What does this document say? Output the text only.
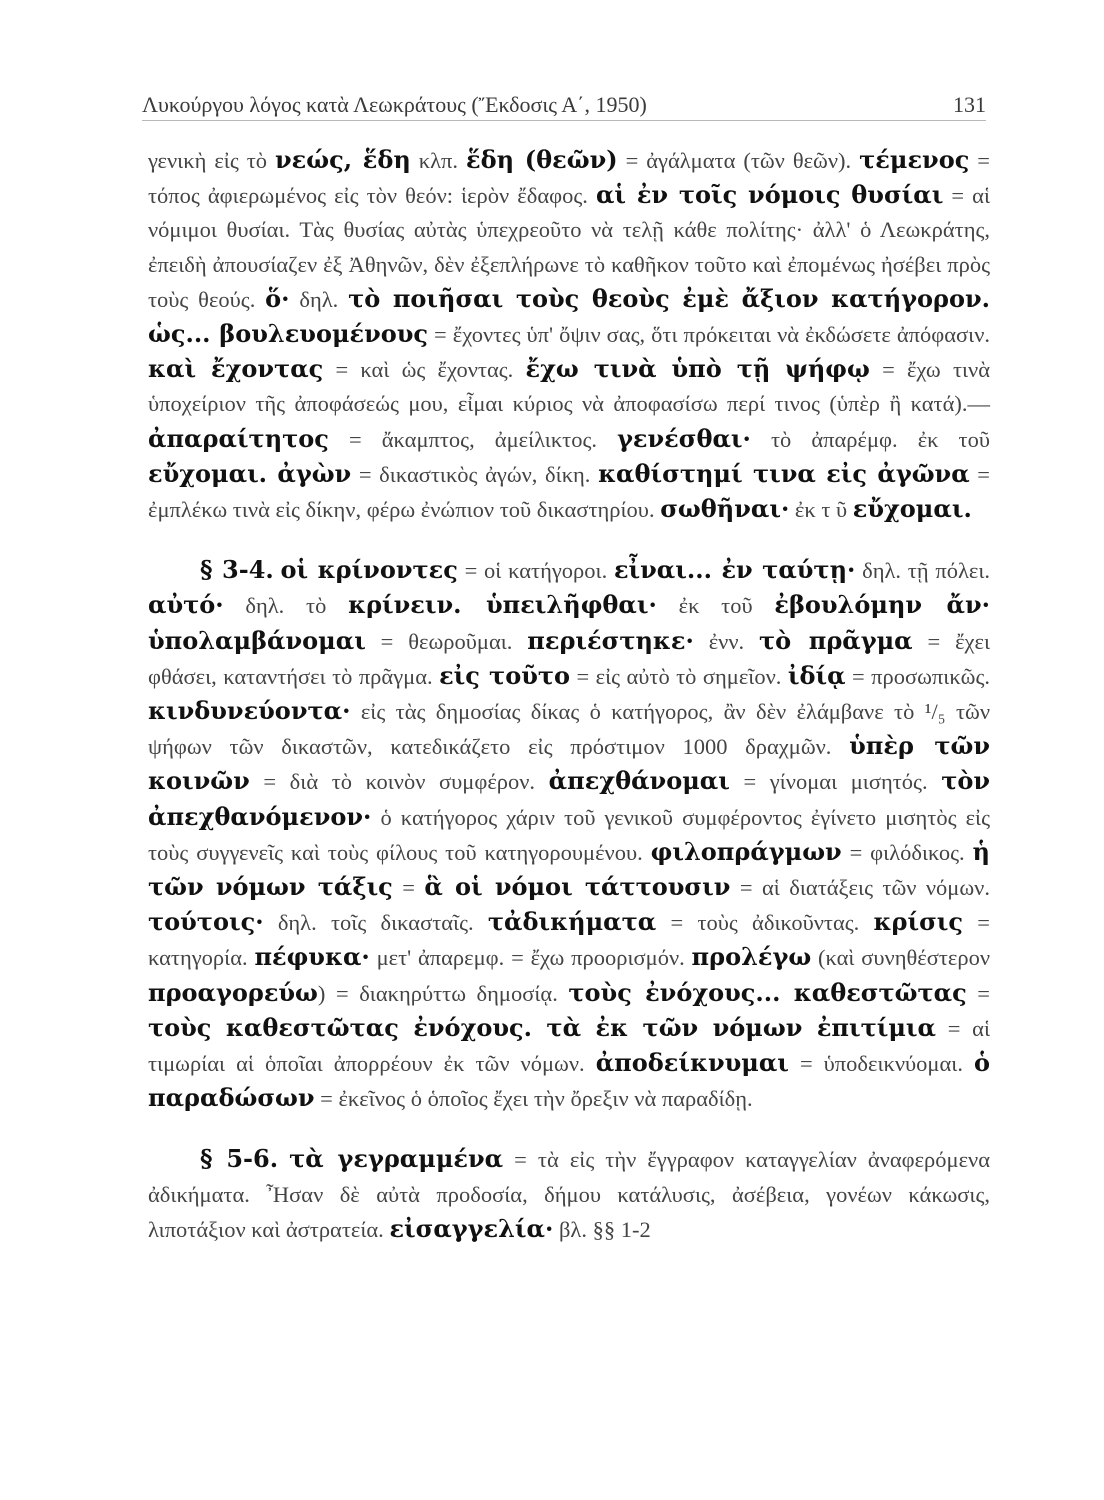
Λυκούργου λόγος κατὰ Λεωκράτους (Ἔκδοσις Α΄, 1950)	131

γενικὴ εἰς τὸ νεώς, ἕδη κλπ. ἕδη (θεῶν) = ἀγάλματα (τῶν θεῶν). τέμενος = τόπος ἀφιερωμένος εἰς τὸν θεόν: ἱερὸν ἔδαφος. αἱ ἐν τοῖς νόμοις θυσίαι = αἱ νόμιμοι θυσίαι. Τὰς θυσίας αὐτὰς ὑπεχρεοῦτο νὰ τελῇ κάθε πολίτης· ἀλλ' ὁ Λεωκράτης, ἐπειδὴ ἀπουσίαζεν ἐξ Ἀθηνῶν, δὲν ἐξεπλήρωνε τὸ καθῆκον τοῦτο καὶ ἐπομένως ἠσέβει πρὸς τοὺς θεούς. ὅ· δηλ. τὸ ποιῆσαι τοὺς θεοὺς ἐμὲ ἄξιον κατήγορον. ὡς... βουλευομένους = ἔχοντες ὑπ' ὄψιν σας, ὅτι πρόκειται νὰ ἐκδώσετε ἀπόφασιν. καὶ ἔχοντας = καὶ ὡς ἔχοντας. ἔχω τινὰ ὑπὸ τῇ ψήφῳ = ἔχω τινὰ ὑποχείριον τῆς ἀποφάσεώς μου, εἶμαι κύριος νὰ ἀποφασίσω περί τινος (ὑπὲρ ἢ κατά).—ἀπαραίτητος = ἄκαμπτος, ἀμείλικτος. γενέσθαι· τὸ ἀπαρέμφ. ἐκ τοῦ εὔχομαι. ἀγὼν = δικαστικὸς ἀγών, δίκη. καθίστημί τινα εἰς ἀγῶνα = ἐμπλέκω τινὰ εἰς δίκην, φέρω ἐνώπιον τοῦ δικαστηρίου. σωθῆναι· ἐκ τ ῦ εὔχομαι.

§ 3-4. οἱ κρίνοντες = οἱ κατήγοροι. εἶναι... ἐν ταύτῃ· δηλ. τῇ πόλει. αὐτό· δηλ. τὸ κρίνειν. ὑπειλῆφθαι· ἐκ τοῦ ἐβουλόμην ἄν· ὑπολαμβάνομαι = θεωροῦμαι. περιέστηκε· ἐνν. τὸ πρᾶγμα = ἔχει φθάσει, καταντήσει τὸ πρᾶγμα. εἰς τοῦτο = εἰς αὐτὸ τὸ σημεῖον. ἰδίᾳ = προσωπικῶς. κινδυνεύοντα· εἰς τὰς δημοσίας δίκας ὁ κατήγορος, ἂν δὲν ἐλάμβανε τὸ ¹/₅ τῶν ψήφων τῶν δικαστῶν, κατεδικάζετο εἰς πρόστιμον 1000 δραχμῶν. ὑπὲρ τῶν κοινῶν = διὰ τὸ κοινὸν συμφέρον. ἀπεχθάνομαι = γίνομαι μισητός. τὸν ἀπεχθανόμενον· ὁ κατήγορος χάριν τοῦ γενικοῦ συμφέροντος ἐγίνετο μισητὸς εἰς τοὺς συγγενεῖς καὶ τοὺς φίλους τοῦ κατηγορουμένου. φιλοπράγμων = φιλόδικος. ἡ τῶν νόμων τάξις = ἃ οἱ νόμοι τάττουσιν = αἱ διατάξεις τῶν νόμων. τούτοις· δηλ. τοῖς δικασταῖς. τἀδικήματα = τοὺς ἀδικοῦντας. κρίσις = κατηγορία. πέφυκα· μετ' ἀπαρεμφ. = ἔχω προορισμόν. προλέγω (καὶ συνηθέστερον προαγορεύω) = διακηρύττω δημοσίᾳ. τοὺς ἐνόχους... καθεστῶτας = τοὺς καθεστῶτας ἐνόχους. τὰ ἐκ τῶν νόμων ἐπιτίμια = αἱ τιμωρίαι αἱ ὁποῖαι ἀπορρέουν ἐκ τῶν νόμων. ἀποδείκνυμαι = ὑποδεικνύομαι. ὁ παραδώσων = ἐκεῖνος ὁ ὁποῖος ἔχει τὴν ὄρεξιν νὰ παραδίδῃ.

§ 5-6. τὰ γεγραμμένα = τὰ εἰς τὴν ἔγγραφον καταγγελίαν ἀναφερόμενα ἀδικήματα. Ἦσαν δὲ αὐτὰ προδοσία, δήμου κατάλυσις, ἀσέβεια, γονέων κάκωσις, λιποτάξιον καὶ ἀστρατεία. εἰσαγγελία· βλ. §§ 1-2
